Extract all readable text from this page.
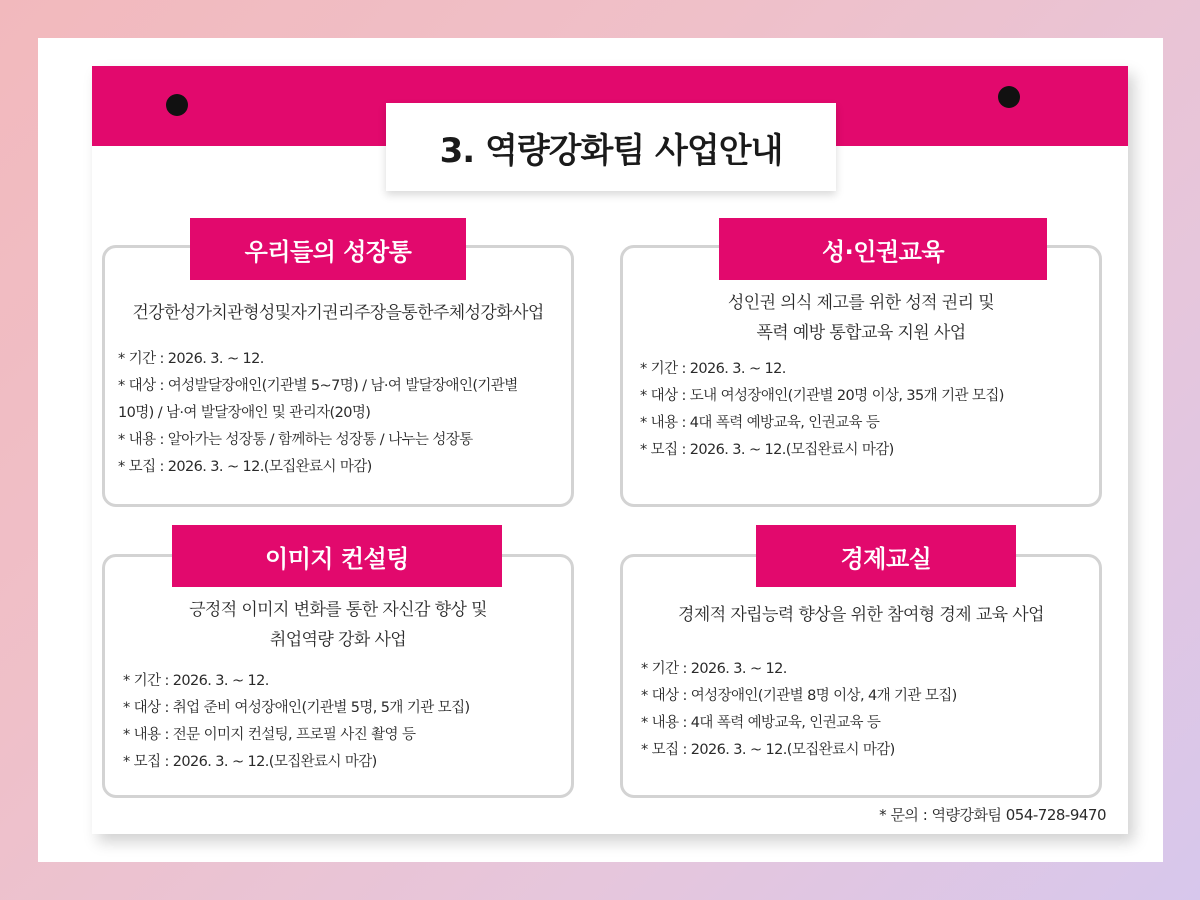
3. 역량강화팀 사업안내
건강한성가치관형성및자기권리주장을통한주체성강화사업
* 기간 : 2026. 3. ~ 12.
* 대상 : 여성발달장애인(기관별 5~7명) / 남·여 발달장애인(기관별
10명) / 남·여 발달장애인 및 관리자(20명)
* 내용 : 알아가는 성장통 / 함께하는 성장통 / 나누는 성장통
* 모집 : 2026. 3. ~ 12.(모집완료시 마감)
우리들의 성장통
성인권 의식 제고를 위한 성적 권리 및
폭력 예방 통합교육 지원 사업
* 기간 : 2026. 3. ~ 12.
* 대상 : 도내 여성장애인(기관별 20명 이상, 35개 기관 모집)
* 내용 : 4대 폭력 예방교육, 인권교육 등
* 모집 : 2026. 3. ~ 12.(모집완료시 마감)
성·인권교육
긍정적 이미지 변화를 통한 자신감 향상 및
취업역량 강화 사업
* 기간 : 2026. 3. ~ 12.
* 대상 : 취업 준비 여성장애인(기관별 5명, 5개 기관 모집)
* 내용 : 전문 이미지 컨설팅, 프로필 사진 촬영 등
* 모집 : 2026. 3. ~ 12.(모집완료시 마감)
이미지 컨설팅
경제적 자립능력 향상을 위한 참여형 경제 교육 사업
* 기간 : 2026. 3. ~ 12.
* 대상 : 여성장애인(기관별 8명 이상, 4개 기관 모집)
* 내용 : 4대 폭력 예방교육, 인권교육 등
* 모집 : 2026. 3. ~ 12.(모집완료시 마감)
경제교실
* 문의 : 역량강화팀 054-728-9470
